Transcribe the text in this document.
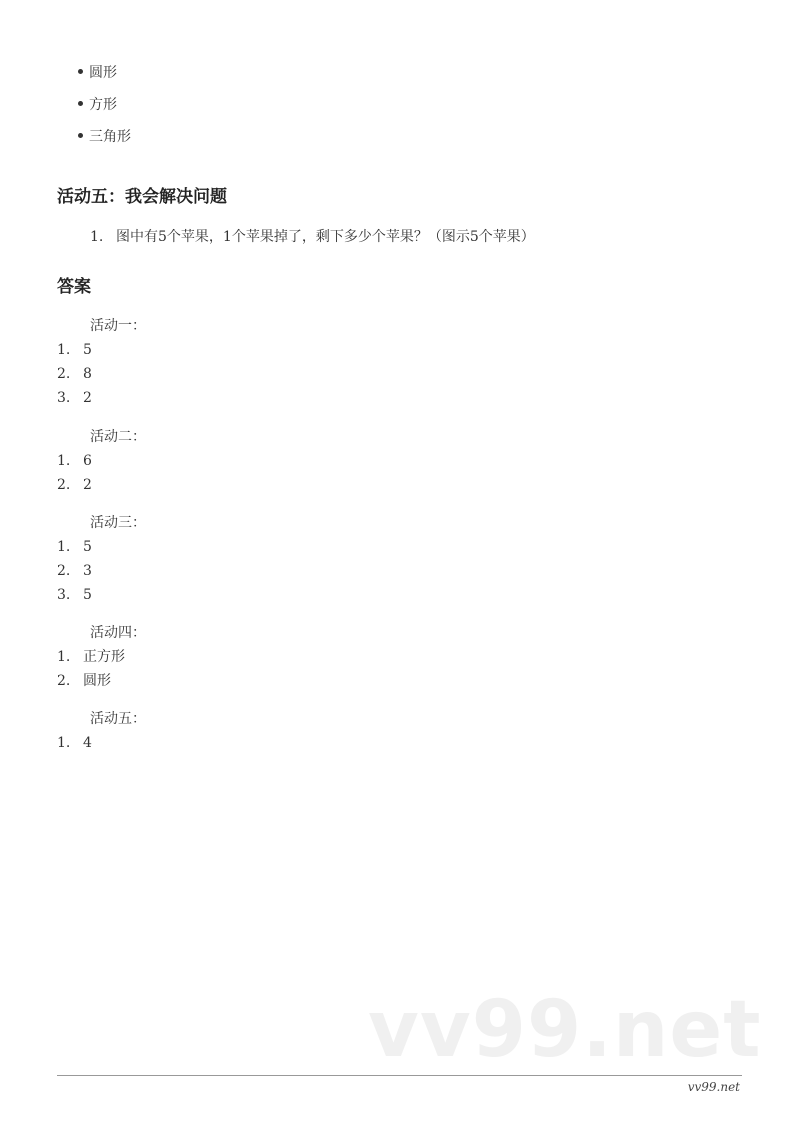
圆形
方形
三角形
活动五：我会解决问题
1. 图中有5个苹果，1个苹果掉了，剩下多少个苹果？（图示5个苹果）
答案
活动一：
1. 5
2. 8
3. 2
活动二：
1. 6
2. 2
活动三：
1. 5
2. 3
3. 5
活动四：
1. 正方形
2. 圆形
活动五：
1. 4
vv99.net
vv99.net
